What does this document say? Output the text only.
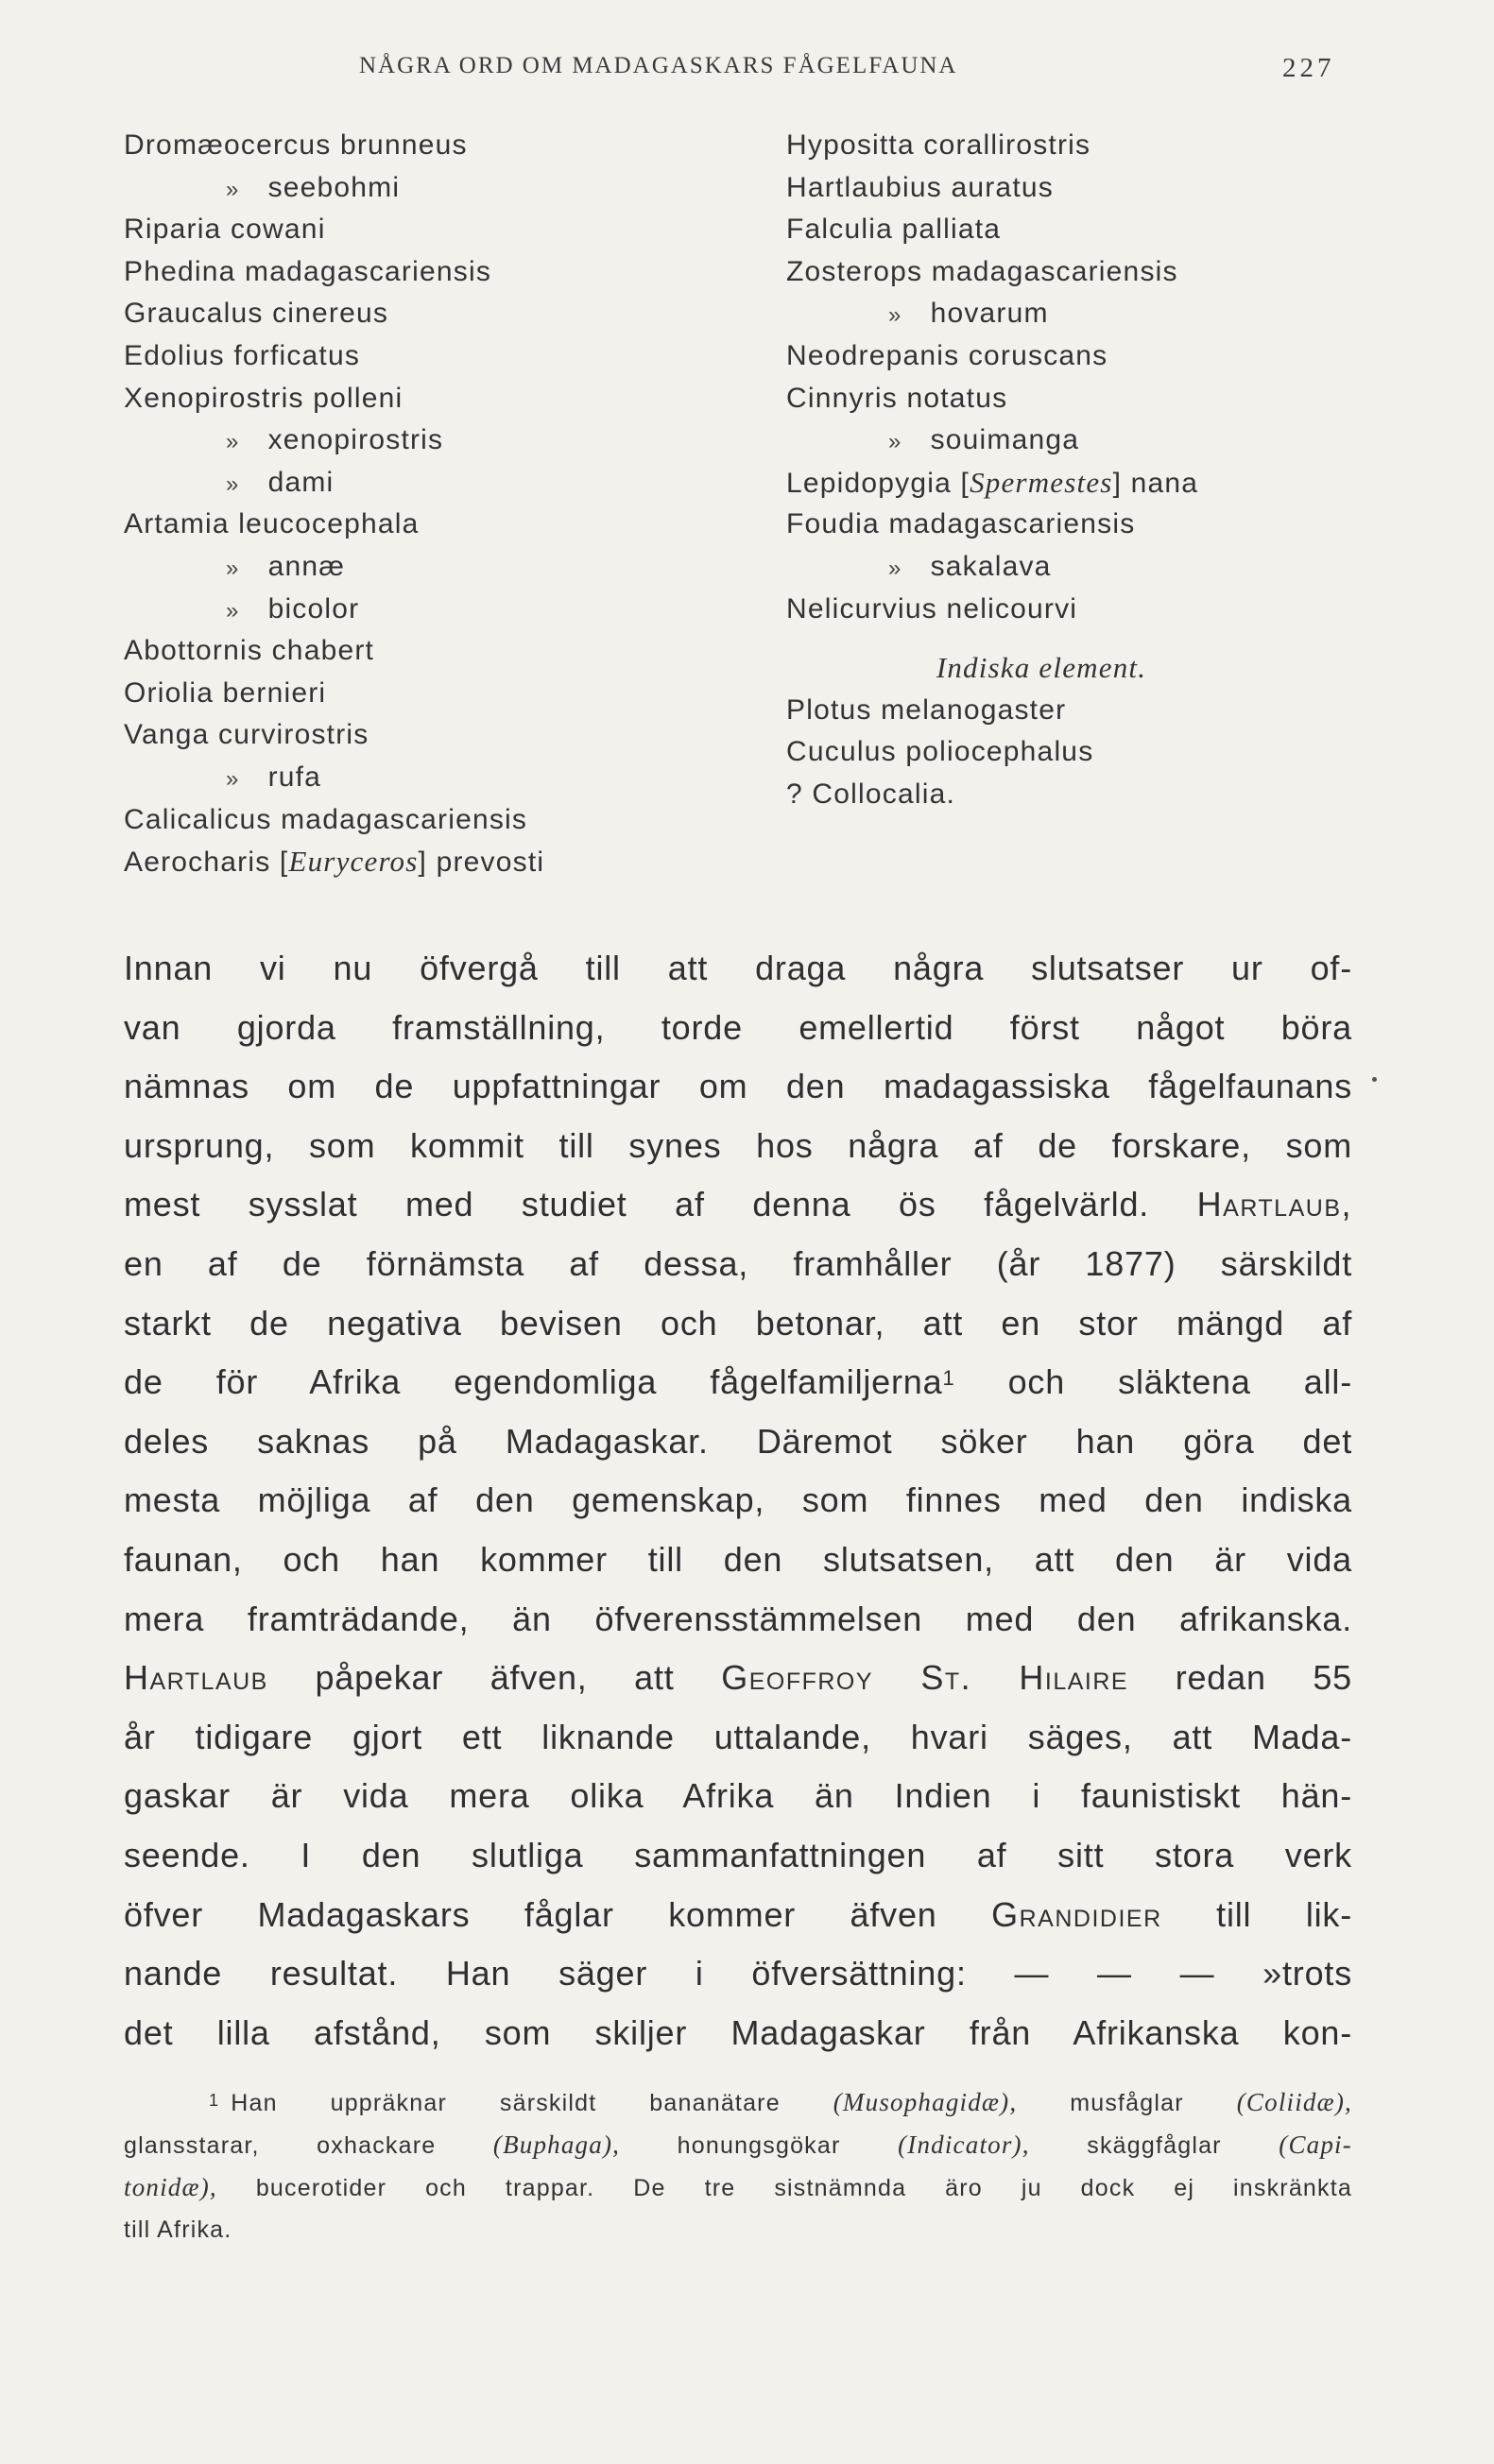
NÅGRA ORD OM MADAGASKARS FÅGELFAUNA	227
Dromæocercus brunneus
» seebohmi
Riparia cowani
Phedina madagascariensis
Graucalus cinereus
Edolius forficatus
Xenopirostris polleni
» xenopirostris
» dami
Artamia leucocephala
» annæ
» bicolor
Abottornis chabert
Oriolia bernieri
Vanga curvirostris
» rufa
Calicalicus madagascariensis
Aerocharis [Euryceros] prevosti
Hypositta corallirostris
Hartlaubius auratus
Falculia palliata
Zosterops madagascariensis
» hovarum
Neodrepanis coruscans
Cinnyris notatus
» souimanga
Lepidopygia [Spermestes] nana
Foudia madagascariensis
» sakalava
Nelicurvius nelicourvi
Indiska element.
Plotus melanogaster
Cuculus poliocephalus
? Collocalia.
Innan vi nu öfvergå till att draga några slutsatser ur of-
van gjorda framställning, torde emellertid först något böra
nämnas om de uppfattningar om den madagassiska fågelfaunans
ursprung, som kommit till synes hos några af de forskare, som
mest sysslat med studiet af denna ös fågelvärld. Hartlaub,
en af de förnämsta af dessa, framhåller (år 1877) särskildt
starkt de negativa bevisen och betonar, att en stor mängd af
de för Afrika egendomliga fågelfamiljerna$^1$ och släktena all-
deles saknas på Madagaskar. Däremot söker han göra det
mesta möjliga af den gemenskap, som finnes med den indiska
faunan, och han kommer till den slutsatsen, att den är vida
mera framträdande, än öfverensstämmelsen med den afrikanska.
Hartlaub påpekar äfven, att Geoffroy St. Hilaire redan 55
år tidigare gjort ett liknande uttalande, hvari säges, att Mada-
gaskar är vida mera olika Afrika än Indien i faunistiskt hän-
seende. I den slutliga sammanfattningen af sitt stora verk
öfver Madagaskars fåglar kommer äfven Grandidier till lik-
nande resultat. Han säger i öfversättning: — — — »trots
det lilla afstånd, som skiljer Madagaskar från Afrikanska kon-
$^1$ Han uppräknar särskildt bananätare (Musophagidæ), musfåglar (Coliidæ),
glansstarar, oxhackare (Buphaga), honungsgökar (Indicator), skäggfåglar (Capi-
tonidæ), bucerotider och trappar. De tre sistnämnda äro ju dock ej inskränkta
till Afrika.
